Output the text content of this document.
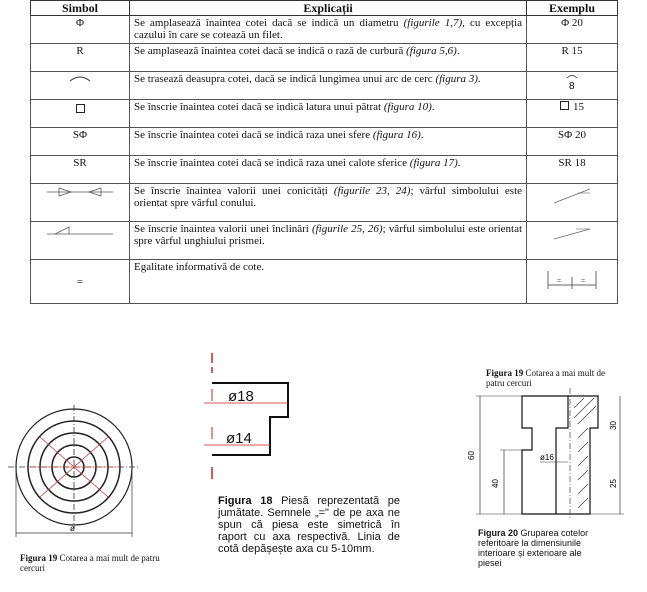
Simbol	Explicații	Exemplu
Φ	Se amplasează înaintea cotei dacă se indică un diametru (figurile 1,7), cu excepția cazului în care se cotează un filet.	Φ 20
R	Se amplasează înaintea cotei dacă se indică o rază de curbură (figura 5,6).	R 15
	Se trasează deasupra cotei, dacă se indică lungimea unui arc de cerc (figura 3).	8

	Se înscrie înaintea cotei dacă se indică latura unui pătrat (figura 10).	15
SΦ	Se înscrie înaintea cotei dacă se indică raza unei sfere (figura 16).	SΦ 20
SR	Se înscrie înaintea cotei dacă se indică raza unei calote sferice (figura 17).	SR 18
	Se înscrie înaintea valorii unei conicități (figurile 23, 24); vârful simbolului este orientat spre vârful conului.	

	Se înscrie înaintea valorii unei înclinări (figurile 25, 26); vârful simbolului este orientat spre vârful unghiului prismei.	
=	Egalitate informativă de cote.	= =
ø
Figura 19 Cotarea a mai mult de patru cercuri
ø18
ø14
Figura 18 Piesă reprezentată pe jumătate. Semnele „=" de pe axa ne spun că piesa este simetrică în raport cu axa respectivă. Linia de cotă depășește axa cu 5-10mm.
Figura 19 Cotarea a mai mult de patru cercuri
60
40
30
25
ø16
Figura 20 Gruparea cotelor referitoare la dimensiunile interioare și exterioare ale piesei
